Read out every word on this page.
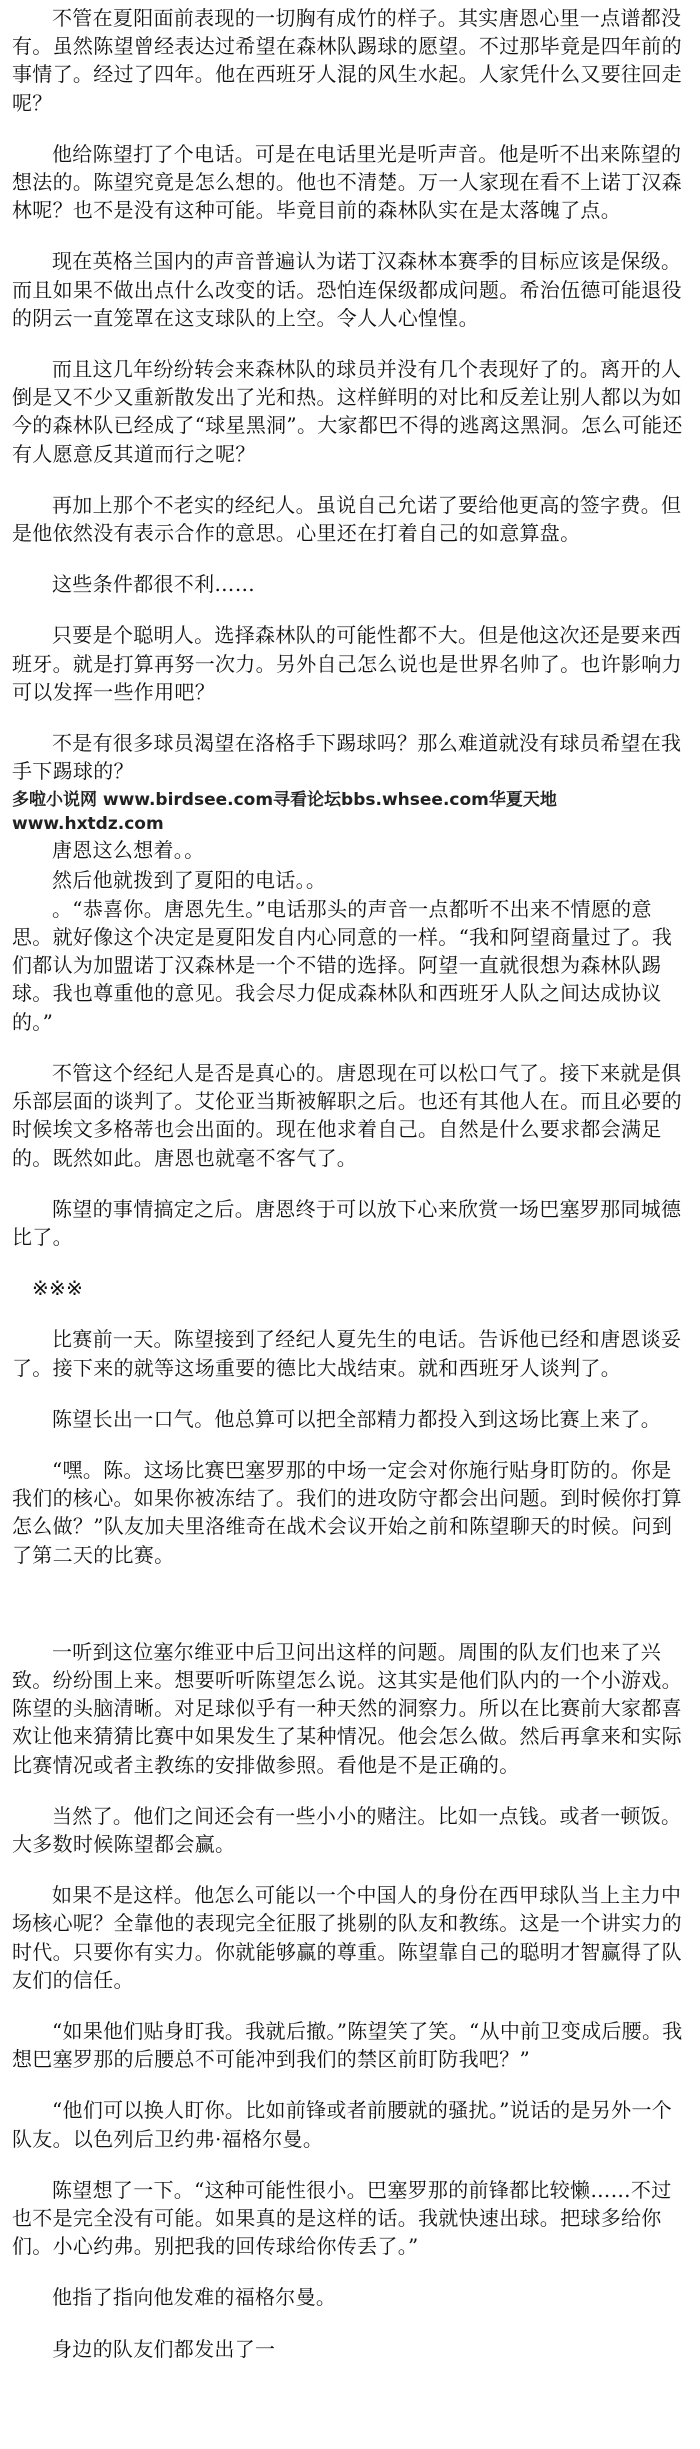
不管在夏阳面前表现的一切胸有成竹的样子。其实唐恩心里一点谱都没有。虽然陈望曾经表达过希望在森林队踢球的愿望。不过那毕竟是四年前的事情了。经过了四年。他在西班牙人混的风生水起。人家凭什么又要往回走呢？

他给陈望打了个电话。可是在电话里光是听声音。他是听不出来陈望的想法的。陈望究竟是怎么想的。他也不清楚。万一人家现在看不上诺丁汉森林呢？也不是没有这种可能。毕竟目前的森林队实在是太落魄了点。

现在英格兰国内的声音普遍认为诺丁汉森林本赛季的目标应该是保级。而且如果不做出点什么改变的话。恐怕连保级都成问题。希治伍德可能退役的阴云一直笼罩在这支球队的上空。令人人心惶惶。

而且这几年纷纷转会来森林队的球员并没有几个表现好了的。离开的人倒是又不少又重新散发出了光和热。这样鲜明的对比和反差让别人都以为如今的森林队已经成了“球星黑洞”。大家都巴不得的逃离这黑洞。怎么可能还有人愿意反其道而行之呢？

再加上那个不老实的经纪人。虽说自己允诺了要给他更高的签字费。但是他依然没有表示合作的意思。心里还在打着自己的如意算盘。

这些条件都很不利……

只要是个聪明人。选择森林队的可能性都不大。但是他这次还是要来西班牙。就是打算再努一次力。另外自己怎么说也是世界名帅了。也许影响力可以发挥一些作用吧？

不是有很多球员渴望在洛格手下踢球吗？那么难道就没有球员希望在我手下踢球的？

多啦小说网 www.birdsee.com寻看论坛bbs.whsee.com华夏天地www.hxtdz.com

唐恩这么想着。。

然后他就拨到了夏阳的电话。。

。“恭喜你。唐恩先生。”电话那头的声音一点都听不出来不情愿的意思。就好像这个决定是夏阳发自内心同意的一样。“我和阿望商量过了。我们都认为加盟诺丁汉森林是一个不错的选择。阿望一直就很想为森林队踢球。我也尊重他的意见。我会尽力促成森林队和西班牙人队之间达成协议的。”

不管这个经纪人是否是真心的。唐恩现在可以松口气了。接下来就是俱乐部层面的谈判了。艾伦亚当斯被解职之后。也还有其他人在。而且必要的时候埃文多格蒂也会出面的。现在他求着自己。自然是什么要求都会满足的。既然如此。唐恩也就毫不客气了。

陈望的事情搞定之后。唐恩终于可以放下心来欣赏一场巴塞罗那同城德比了。

※※※

比赛前一天。陈望接到了经纪人夏先生的电话。告诉他已经和唐恩谈妥了。接下来的就等这场重要的德比大战结束。就和西班牙人谈判了。

陈望长出一口气。他总算可以把全部精力都投入到这场比赛上来了。

“嘿。陈。这场比赛巴塞罗那的中场一定会对你施行贴身盯防的。你是我们的核心。如果你被冻结了。我们的进攻防守都会出问题。到时候你打算怎么做？”队友加夫里洛维奇在战术会议开始之前和陈望聊天的时候。问到了第二天的比赛。

一听到这位塞尔维亚中后卫问出这样的问题。周围的队友们也来了兴致。纷纷围上来。想要听听陈望怎么说。这其实是他们队内的一个小游戏。陈望的头脑清晰。对足球似乎有一种天然的洞察力。所以在比赛前大家都喜欢让他来猜猜比赛中如果发生了某种情况。他会怎么做。然后再拿来和实际比赛情况或者主教练的安排做参照。看他是不是正确的。

当然了。他们之间还会有一些小小的赌注。比如一点钱。或者一顿饭。大多数时候陈望都会赢。

如果不是这样。他怎么可能以一个中国人的身份在西甲球队当上主力中场核心呢？全靠他的表现完全征服了挑剔的队友和教练。这是一个讲实力的时代。只要你有实力。你就能够赢的尊重。陈望靠自己的聪明才智赢得了队友们的信任。

“如果他们贴身盯我。我就后撤。”陈望笑了笑。“从中前卫变成后腰。我想巴塞罗那的后腰总不可能冲到我们的禁区前盯防我吧？”

“他们可以换人盯你。比如前锋或者前腰就的骚扰。”说话的是另外一个队友。以色列后卫约弗·福格尔曼。

陈望想了一下。“这种可能性很小。巴塞罗那的前锋都比较懒……不过也不是完全没有可能。如果真的是这样的话。我就快速出球。把球多给你们。小心约弗。别把我的回传球给你传丢了。”

他指了指向他发难的福格尔曼。

身边的队友们都发出了一
